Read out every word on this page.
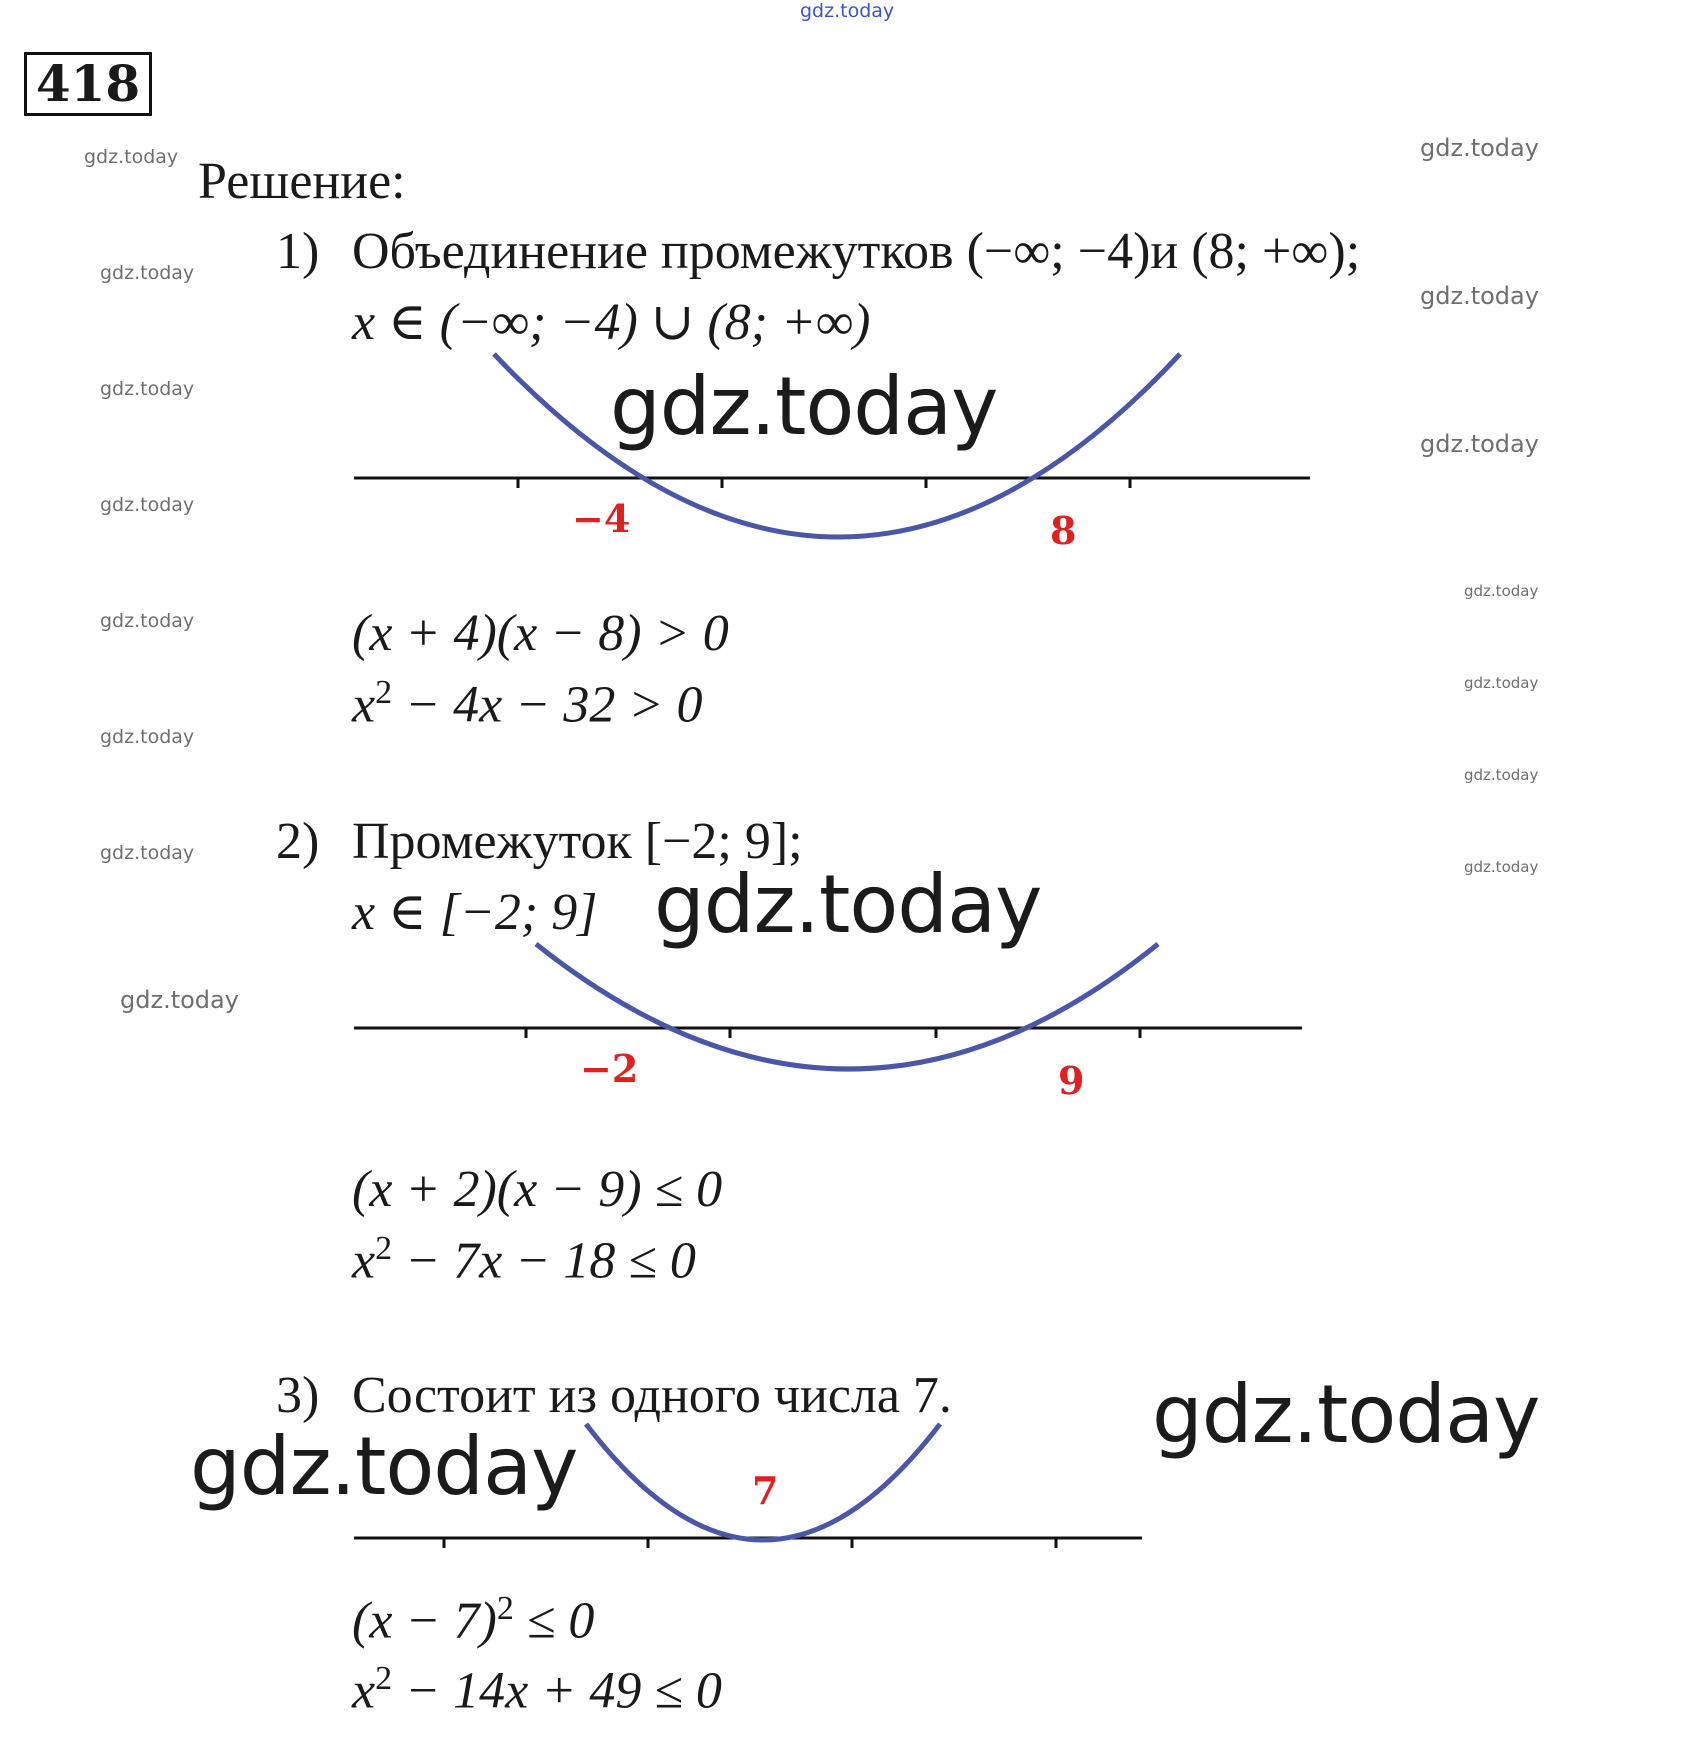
gdz.today
418
Решение:
gdz.today
gdz.today
gdz.today
gdz.today
gdz.today
gdz.today
gdz.today
gdz.today
gdz.today
gdz.today
gdz.today
gdz.today
gdz.today
gdz.today
gdz.today
1) Объединение промежутков (−∞; −4)и (8; +∞);
x ∈ (−∞; −4) ∪ (8; +∞)
−4	8
gdz.today
(x + 4)(x − 8) > 0
$x^2 - 4x - 32 > 0$
2) Промежуток [−2; 9];
x ∈ [−2; 9]
−2	9
gdz.today
(x + 2)(x − 9) ≤ 0
$x^2 - 7x - 18 \le 0$
3) Состоит из одного числа 7.	gdz.today
7
gdz.today
$(x - 7)^2 \le 0$
$x^2 - 14x + 49 \le 0$
